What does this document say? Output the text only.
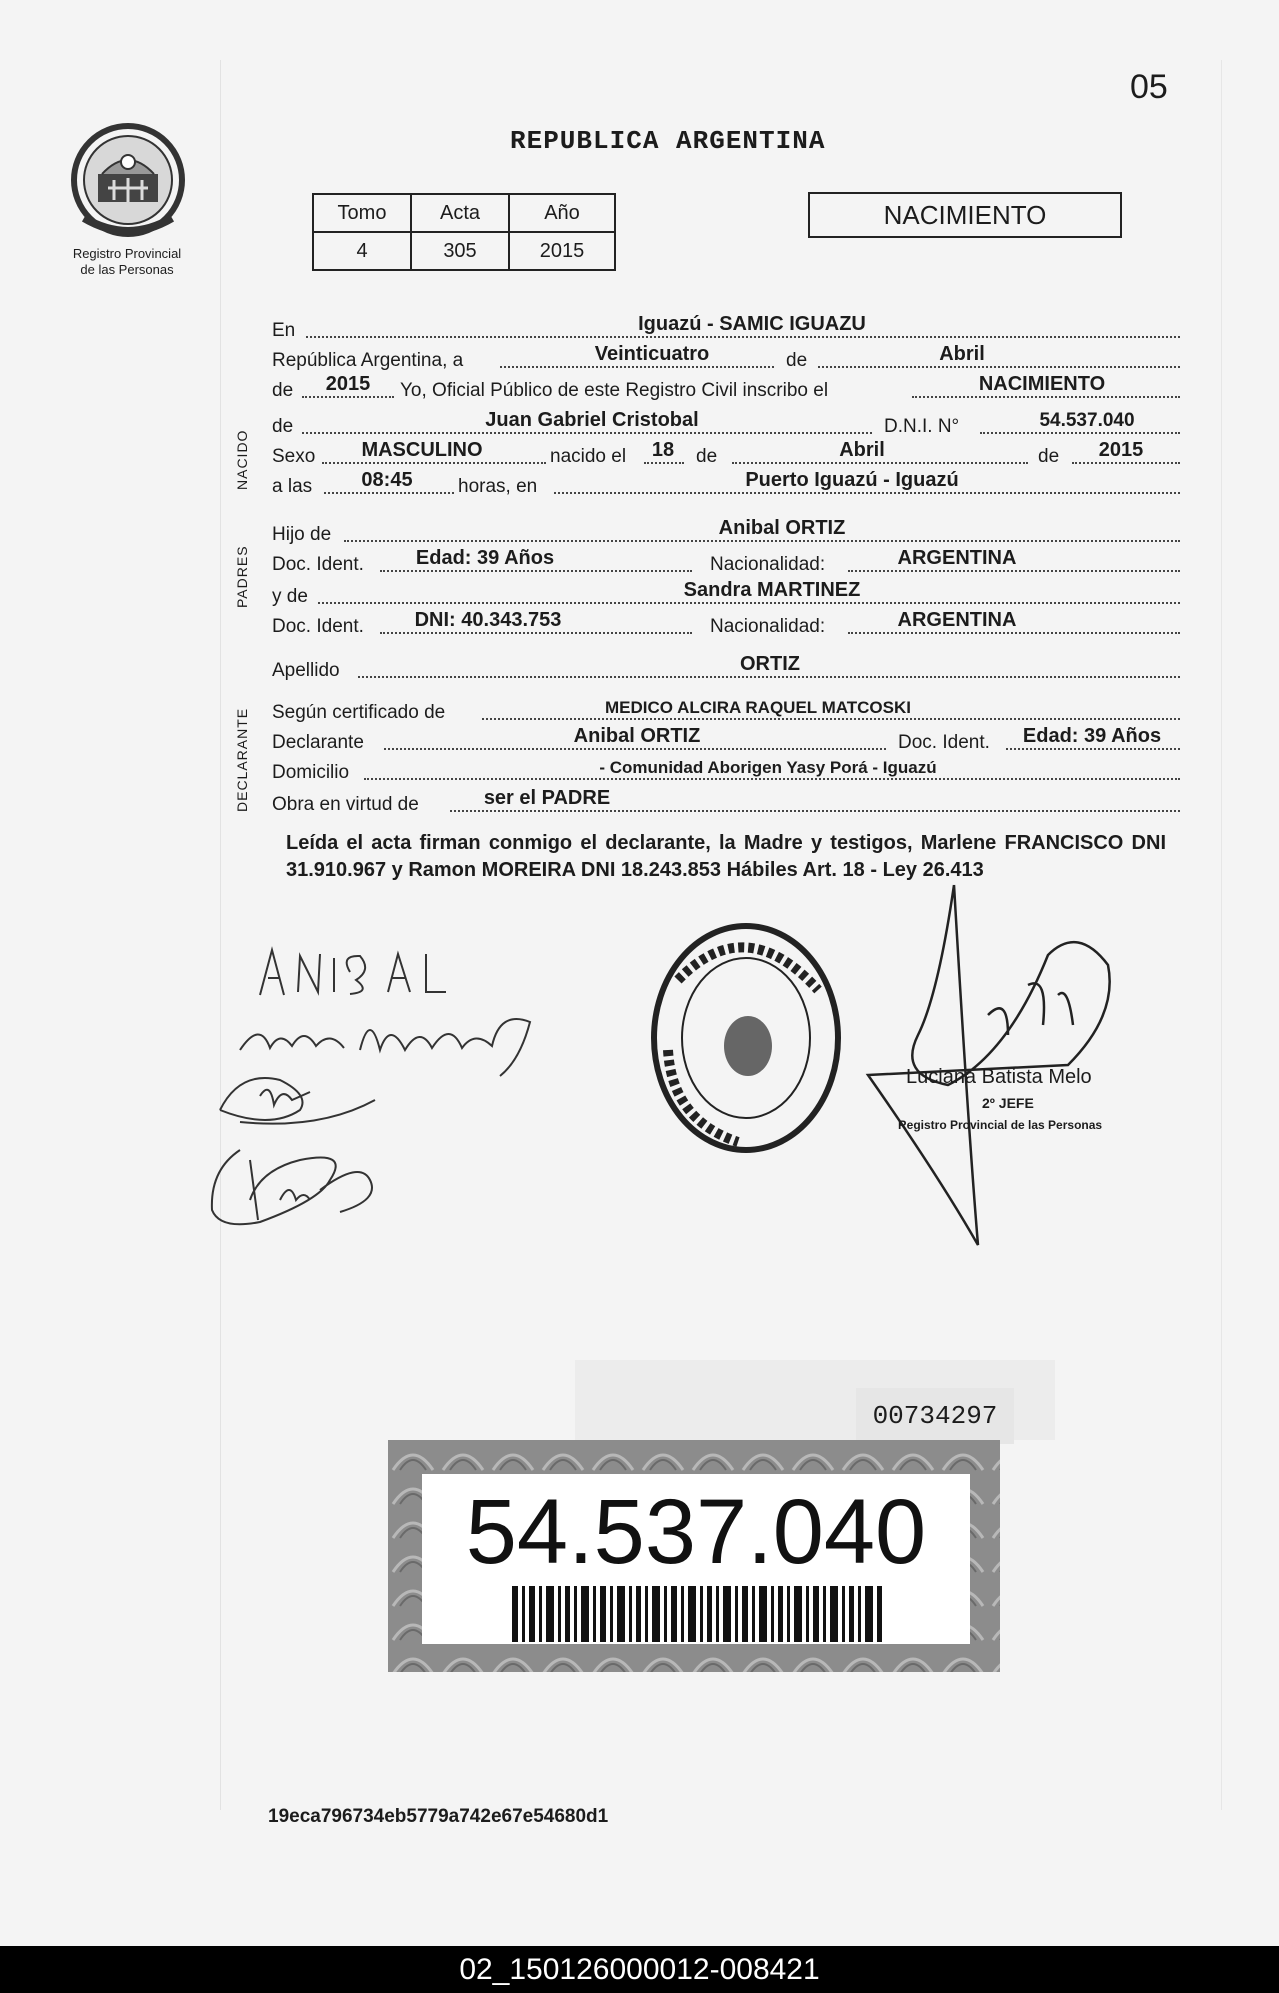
05
Registro Provincial
de las Personas
REPUBLICA ARGENTINA
Tomo	Acta	Año
4	305	2015
NACIMIENTO
NACIDO
PADRES
DECLARANTE
En	Iguazú - SAMIC IGUAZU
República Argentina, a	Veinticuatro	de	Abril
de	2015	Yo, Oficial Público de este Registro Civil inscribo el	NACIMIENTO
de	Juan Gabriel Cristobal	D.N.I. N°	54.537.040
Sexo	MASCULINO	nacido el 18 de	Abril	de	2015
a las	08:45	horas, en	Puerto Iguazú - Iguazú
Hijo de	Anibal ORTIZ
Doc. Ident.	Edad: 39 Años	Nacionalidad:	ARGENTINA
y de	Sandra MARTINEZ
Doc. Ident.	DNI: 40.343.753	Nacionalidad:	ARGENTINA
Apellido	ORTIZ
Según certificado de	MEDICO ALCIRA RAQUEL MATCOSKI
Declarante	Anibal ORTIZ	Doc. Ident.	Edad: 39 Años
Domicilio	- Comunidad Aborigen Yasy Porá - Iguazú
Obra en virtud de	ser el PADRE
Leída el acta firman conmigo el declarante, la Madre y testigos, Marlene FRANCISCO DNI 31.910.967 y Ramon MOREIRA DNI 18.243.853 Hábiles Art. 18 - Ley 26.413
Luciana Batista Melo
2º JEFE
Registro Provincial de las Personas
00734297
54.537.040
19eca796734eb5779a742e67e54680d1
02_150126000012-008421
